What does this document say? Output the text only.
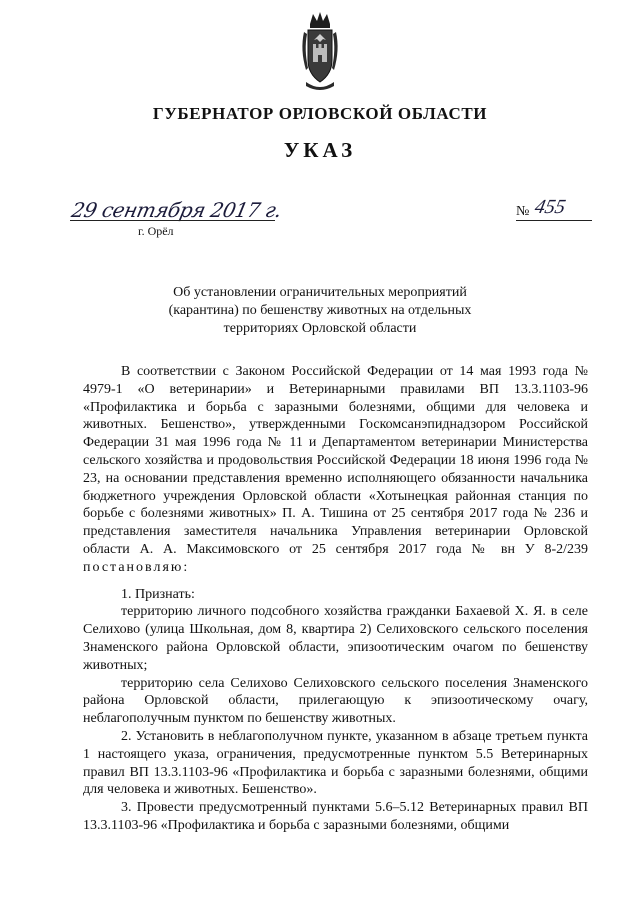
ГУБЕРНАТОР ОРЛОВСКОЙ ОБЛАСТИ
УКАЗ
29 сентября 2017 г.
г. Орёл
№ 455
Об установлении ограничительных мероприятий
(карантина) по бешенству животных на отдельных
территориях Орловской области

В соответствии с Законом Российской Федерации от 14 мая 1993 года № 4979-1 «О ветеринарии» и Ветеринарными правилами ВП 13.3.1103-96 «Профилактика и борьба с заразными болезнями, общими для человека и животных. Бешенство», утвержденными Госкомсанэпиднадзором Российской Федерации 31 мая 1996 года № 11 и Департаментом ветеринарии Министерства сельского хозяйства и продовольствия Российской Федерации 18 июня 1996 года № 23, на основании представления временно исполняющего обязанности начальника бюджетного учреждения Орловской области «Хотынецкая районная станция по борьбе с болезнями животных» П. А. Тишина от 25 сентября 2017 года № 236 и представления заместителя начальника Управления ветеринарии Орловской области А. А. Максимовского от 25 сентября 2017 года № вн У 8-2/239 постановляю:

1. Признать:

территорию личного подсобного хозяйства гражданки Бахаевой Х. Я. в селе Селихово (улица Школьная, дом 8, квартира 2) Селиховского сельского поселения Знаменского района Орловской области, эпизоотическим очагом по бешенству животных;

территорию села Селихово Селиховского сельского поселения Знаменского района Орловской области, прилегающую к эпизоотическому очагу, неблагополучным пунктом по бешенству животных.

2. Установить в неблагополучном пункте, указанном в абзаце третьем пункта 1 настоящего указа, ограничения, предусмотренные пунктом 5.5 Ветеринарных правил ВП 13.3.1103-96 «Профилактика и борьба с заразными болезнями, общими для человека и животных. Бешенство».

3. Провести предусмотренный пунктами 5.6–5.12 Ветеринарных правил ВП 13.3.1103-96 «Профилактика и борьба с заразными болезнями, общими
